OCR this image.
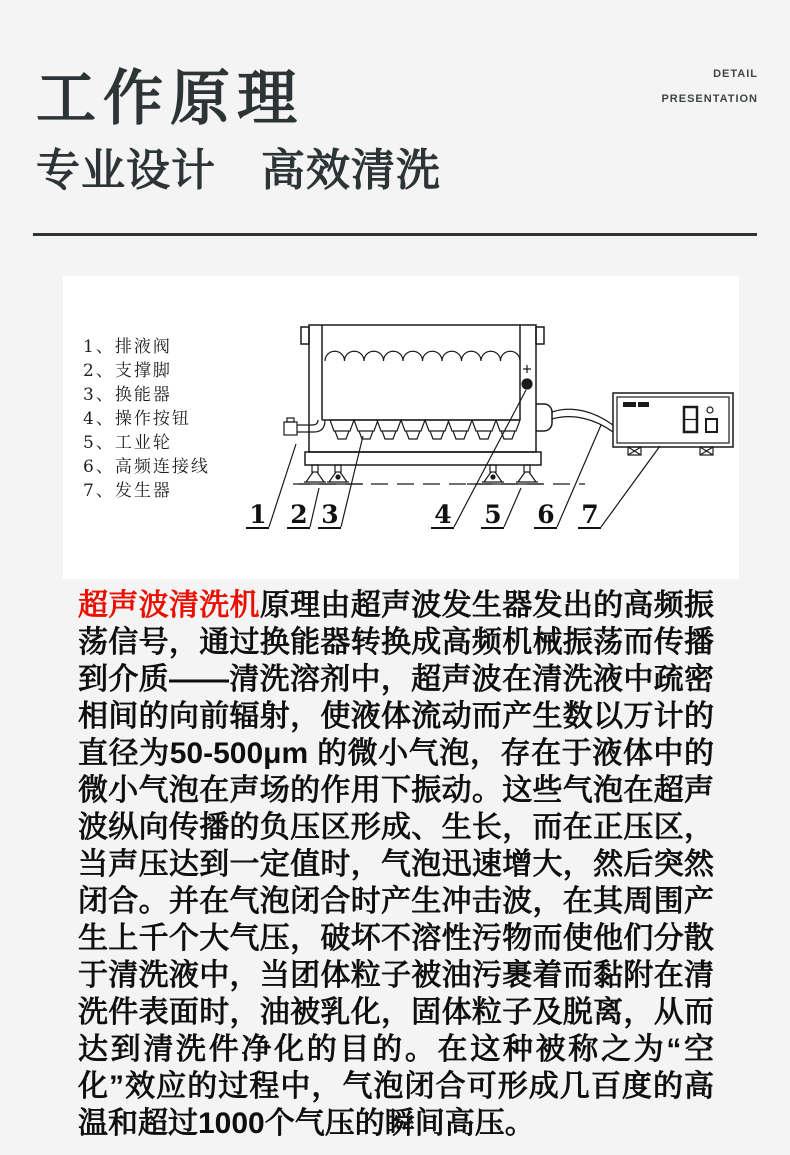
DETAIL
PRESENTATION
工作原理
专业设计　高效清洗
1、排液阀
2、支撑脚
3、换能器
4、操作按钮
5、工业轮
6、高频连接线
7、发生器
1 2 3	4 5 6 7

超声波清洗机原理由超声波发生器发出的高频振荡信号，通过换能器转换成高频机械振荡而传播到介质——清洗溶剂中，超声波在清洗液中疏密相间的向前辐射，使液体流动而产生数以万计的直径为50-500μm 的微小气泡，存在于液体中的微小气泡在声场的作用下振动。这些气泡在超声波纵向传播的负压区形成、生长，而在正压区，当声压达到一定值时，气泡迅速增大，然后突然闭合。并在气泡闭合时产生冲击波，在其周围产生上千个大气压，破坏不溶性污物而使他们分散于清洗液中，当团体粒子被油污裹着而黏附在清洗件表面时，油被乳化，固体粒子及脱离，从而达到清洗件净化的目的。在这种被称之为“空化”效应的过程中，气泡闭合可形成几百度的高温和超过1000个气压的瞬间高压。
